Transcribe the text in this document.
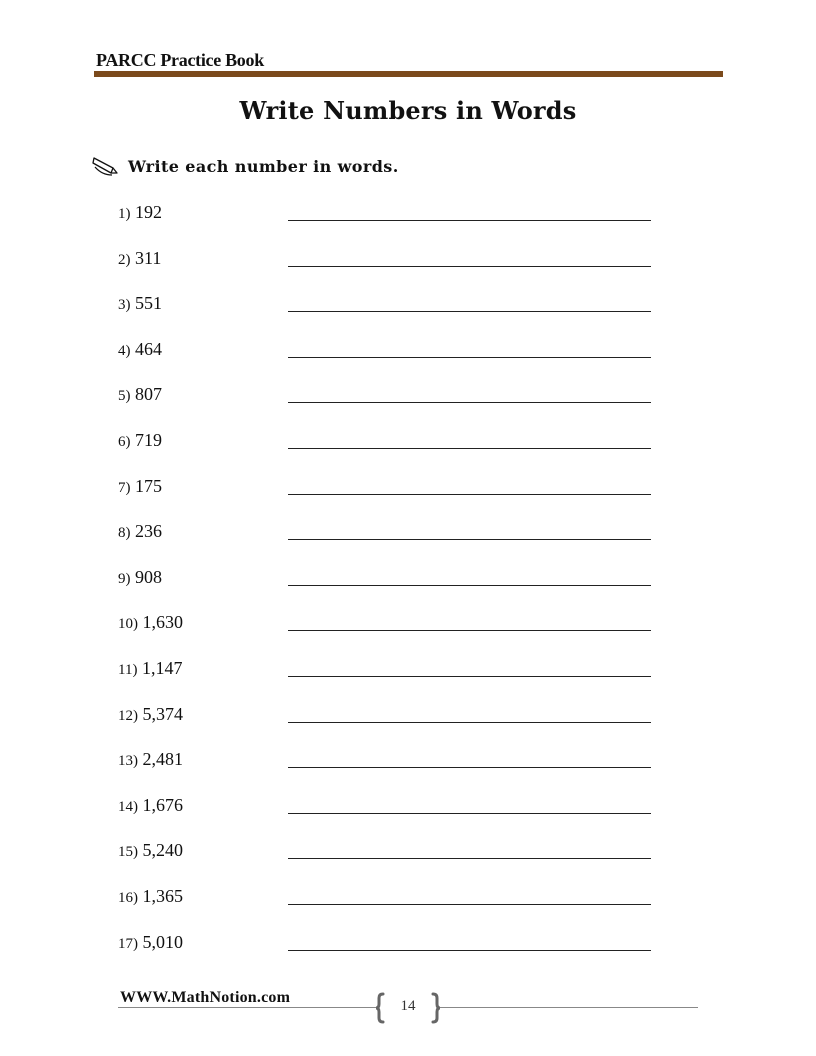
PARCC Practice Book
Write Numbers in Words
Write each number in words.
1) 192
2) 311
3) 551
4) 464
5) 807
6) 719
7) 175
8) 236
9) 908
10) 1,630
11) 1,147
12) 5,374
13) 2,481
14) 1,676
15) 5,240
16) 1,365
17) 5,010
WWW.MathNotion.com	14
